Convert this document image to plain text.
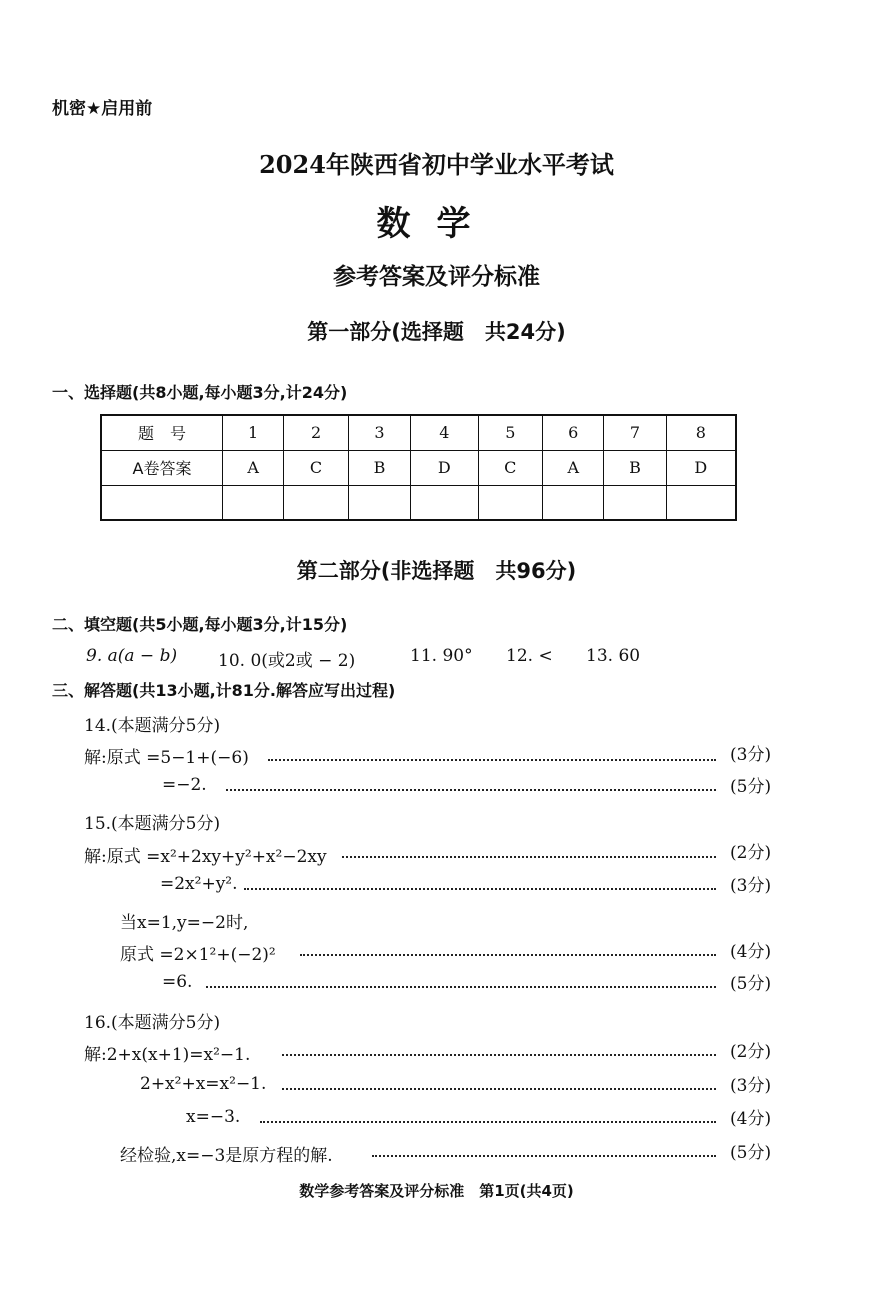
机密★启用前
2024年陕西省初中学业水平考试
数学
参考答案及评分标准
第一部分(选择题　共24分)
一、选择题(共8小题,每小题3分,计24分)
题　号	1	2	3	4	5	6	7	8
A卷答案	A	C	B	D	C	A	B	D

第二部分(非选择题　共96分)
二、填空题(共5小题,每小题3分,计15分)
9. a(a − b) 10. 0(或2或 − 2)	11. 90° 12. < 13. 60
三、解答题(共13小题,计81分.解答应写出过程)
14.(本题满分5分)
解:原式 =5−1+(−6)	(3分)
=−2.	(5分)
15.(本题满分5分)
解:原式 =x²+2xy+y²+x²−2xy	(2分)
=2x²+y².	(3分)
当x=1,y=−2时,
原式 =2×1²+(−2)²	(4分)
=6.	(5分)
16.(本题满分5分)
解:2+x(x+1)=x²−1.	(2分)
2+x²+x=x²−1.	(3分)
x=−3.	(4分)
经检验,x=−3是原方程的解.	(5分)
数学参考答案及评分标准　第1页(共4页)
